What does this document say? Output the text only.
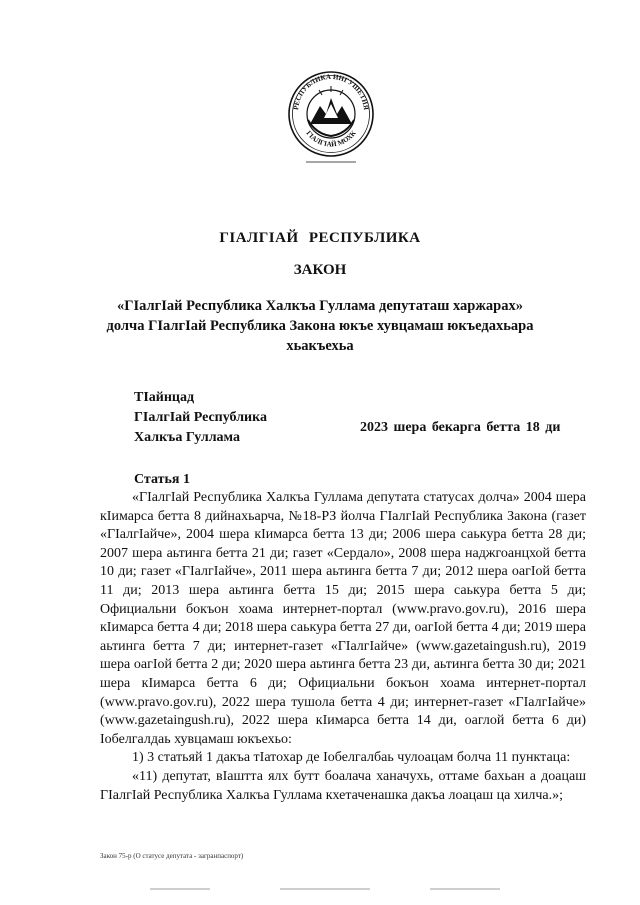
РЕСПУБЛИКА ИНГУШЕТИЯ
ГIАЛГIАЙ МОХК
ГIАЛГIАЙ РЕСПУБЛИКА
ЗАКОН
«ГIалгIай Республика Халкъа Гуллама депутаташ харжарах» долча ГIалгIай Республика Закона юкъе хувцамаш юкъедахьара хьакъехьа
ТIайнцад
ГIалгIай Республика
Халкъа Гуллама
2023 шера бекарга бетта 18 ди
Статья 1

«ГIалгIай Республика Халкъа Гуллама депутата статусах долча» 2004 шера кIимарса бетта 8 дийнахьарча, №18-РЗ йолча ГIалгIай Республика Закона (газет «ГIалгIайче», 2004 шера кIимарса бетта 13 ди; 2006 шера саькура бетта 28 ди; 2007 шера аьтинга бетта 21 ди; газет «Сердало», 2008 шера наджгоанцхой бетта 10 ди; газет «ГIалгIайче», 2011 шера аьтинга бетта 7 ди; 2012 шера оагIой бетта 11 ди; 2013 шера аьтинга бетта 15 ди; 2015 шера саькура бетта 5 ди; Официальни бокъон хоама интернет-портал (www.pravo.gov.ru), 2016 шера кIимарса бетта 4 ди; 2018 шера саькура бетта 27 ди, оагIой бетта 4 ди; 2019 шера аьтинга бетта 7 ди; интернет-газет «ГIалгIайче» (www.gazetaingush.ru), 2019 шера оагIой бетта 2 ди; 2020 шера аьтинга бетта 23 ди, аьтинга бетта 30 ди; 2021 шера кIимарса бетта 6 ди; Официальни бокъон хоама интернет-портал (www.pravo.gov.ru), 2022 шера тушола бетта 4 ди; интернет-газет «ГIалгIайче» (www.gazetaingush.ru), 2022 шера кIимарса бетта 14 ди, оаглой бетта 6 ди) Iобелгалдаь хувцамаш юкъехьо:

1) 3 статьяй 1 дакъа тIатохар де Iобелгалбаь чулоацам болча 11 пунктаца:

«11) депутат, вIаштта ялх бутт боалача ханачухь, оттаме бахьан а доацаш ГIалгIай Республика Халкъа Гуллама кхетаченашка дакъа лоацаш ца хилча.»;

Закон 75-р (О статусе депутата - загранпаспорт)
